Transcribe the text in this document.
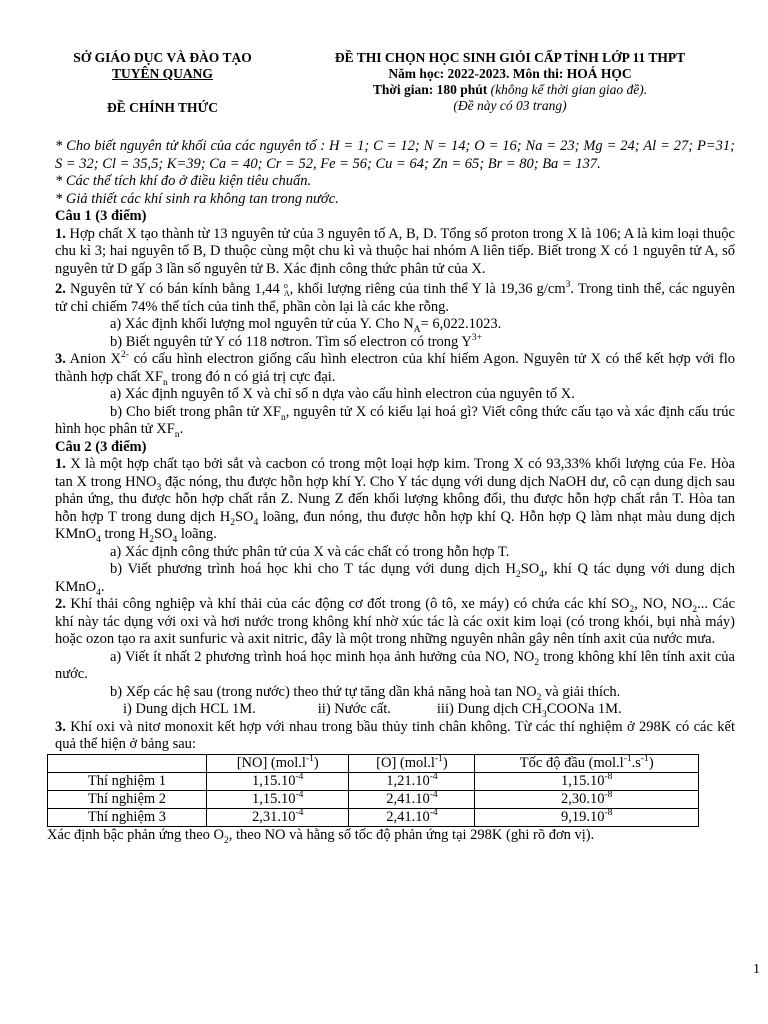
SỞ GIÁO DỤC VÀ ĐÀO TẠO
TUYÊN QUANG
ĐỀ CHÍNH THỨC
ĐỀ THI CHỌN HỌC SINH GIỎI CẤP TỈNH LỚP 11 THPT
Năm học: 2022-2023. Môn thi: HOÁ HỌC
Thời gian: 180 phút (không kể thời gian giao đề).
(Đề này có 03 trang)

* Cho biết nguyên tử khối của các nguyên tố : H = 1; C = 12; N = 14; O = 16; Na = 23; Mg = 24; Al = 27; P=31; S = 32; Cl = 35,5; K=39; Ca = 40; Cr = 52, Fe = 56; Cu = 64; Zn = 65; Br = 80; Ba = 137.

* Các thể tích khí đo ở điều kiện tiêu chuẩn.

* Giả thiết các khí sinh ra không tan trong nước.

Câu 1 (3 điểm)

1. Hợp chất X tạo thành từ 13 nguyên tử của 3 nguyên tố A, B, D. Tổng số proton trong X là 106; A là kim loại thuộc chu kì 3; hai nguyên tố B, D thuộc cùng một chu kì và thuộc hai nhóm A liên tiếp. Biết trong X có 1 nguyên tử A, số nguyên tử D gấp 3 lần số nguyên tử B. Xác định công thức phân tử của X.

2. Nguyên tử Y có bán kính bằng 1,44 o
A, khối lượng riêng của tinh thể Y là 19,36 $g/cm^3$. Trong tinh thể, các nguyên tử chỉ chiếm 74% thể tích của tinh thể, phần còn lại là các khe rỗng.

a) Xác định khối lượng mol nguyên tử của Y. Cho $N_A= 6,022.1023$.

b) Biết nguyên tử Y có 118 nơtron. Tìm số electron có trong $Y^{3+}$

3. Anion $X^{2-}$ có cấu hình electron giống cấu hình electron của khí hiếm Agon. Nguyên tử X có thể kết hợp với flo thành hợp chất $XF_n$ trong đó n có giá trị cực đại.

a) Xác định nguyên tố X và chỉ số n dựa vào cấu hình electron của nguyên tố X.

b) Cho biết trong phân tử $XF_n$, nguyên tử X có kiểu lại hoá gì? Viết công thức cấu tạo và xác định cấu trúc hình học phân tử $XF_n$.

Câu 2 (3 điểm)

1. X là một hợp chất tạo bởi sắt và cacbon có trong một loại hợp kim. Trong X có 93,33% khối lượng của Fe. Hòa tan X trong $HNO_3$ đặc nóng, thu được hỗn hợp khí Y. Cho Y tác dụng với dung dịch NaOH dư, cô cạn dung dịch sau phản ứng, thu được hỗn hợp chất rắn Z. Nung Z đến khối lượng không đổi, thu được hỗn hợp chất rắn T. Hòa tan hỗn hợp T trong dung dịch $H_2SO_4$ loãng, đun nóng, thu được hỗn hợp khí Q. Hỗn hợp Q làm nhạt màu dung dịch KMnO$_4$ trong $H_2SO_4$ loãng.

a) Xác định công thức phân tử của X và các chất có trong hỗn hợp T.

b) Viết phương trình hoá học khi cho T tác dụng với dung dịch $H_2SO_4$, khí Q tác dụng với dung dịch KMnO$_4$.

2. Khí thải công nghiệp và khí thải của các động cơ đốt trong (ô tô, xe máy) có chứa các khí $SO_2$, NO, $NO_2$... Các khí này tác dụng với oxi và hơi nước trong không khí nhờ xúc tác là các oxit kim loại (có trong khói, bụi nhà máy) hoặc ozon tạo ra axit sunfuric và axit nitric, đây là một trong những nguyên nhân gây nên tính axit của nước mưa.

a) Viết ít nhất 2 phương trình hoá học minh họa ảnh hưởng của NO, $NO_2$ trong không khí lên tính axit của nước.

b) Xếp các hệ sau (trong nước) theo thứ tự tăng dần khả năng hoà $\tan NO_2$ và giải thích.

i) Dung dịch HCL 1M.	ii) Nước cất.	iii) Dung dịch $CH_3COONa$ 1M.

3. Khí oxi và nitơ monoxit kết hợp với nhau trong bầu thủy tinh chân không. Từ các thí nghiệm ở 298K có các kết quả thể hiện ở bảng sau:

	[NO] $(mol.l^{-1})$	[O] $(mol.l^{-1})$	Tốc độ đầu $(mol.l^{-1}.s^{-1})$
Thí nghiệm 1	$1,15.10^{-4}$	$1,21.10^{-4}$	$1,15.10^{-8}$
Thí nghiệm 2	$1,15.10^{-4}$	$2,41.10^{-4}$	$2,30.10^{-8}$
Thí nghiệm 3	$2,31.10^{-4}$	$2,41.10^{-4}$	$9,19.10^{-8}$

Xác định bậc phản ứng theo $O_2$, theo NO và hằng số tốc độ phản ứng tại 298K (ghi rõ đơn vị).

1
